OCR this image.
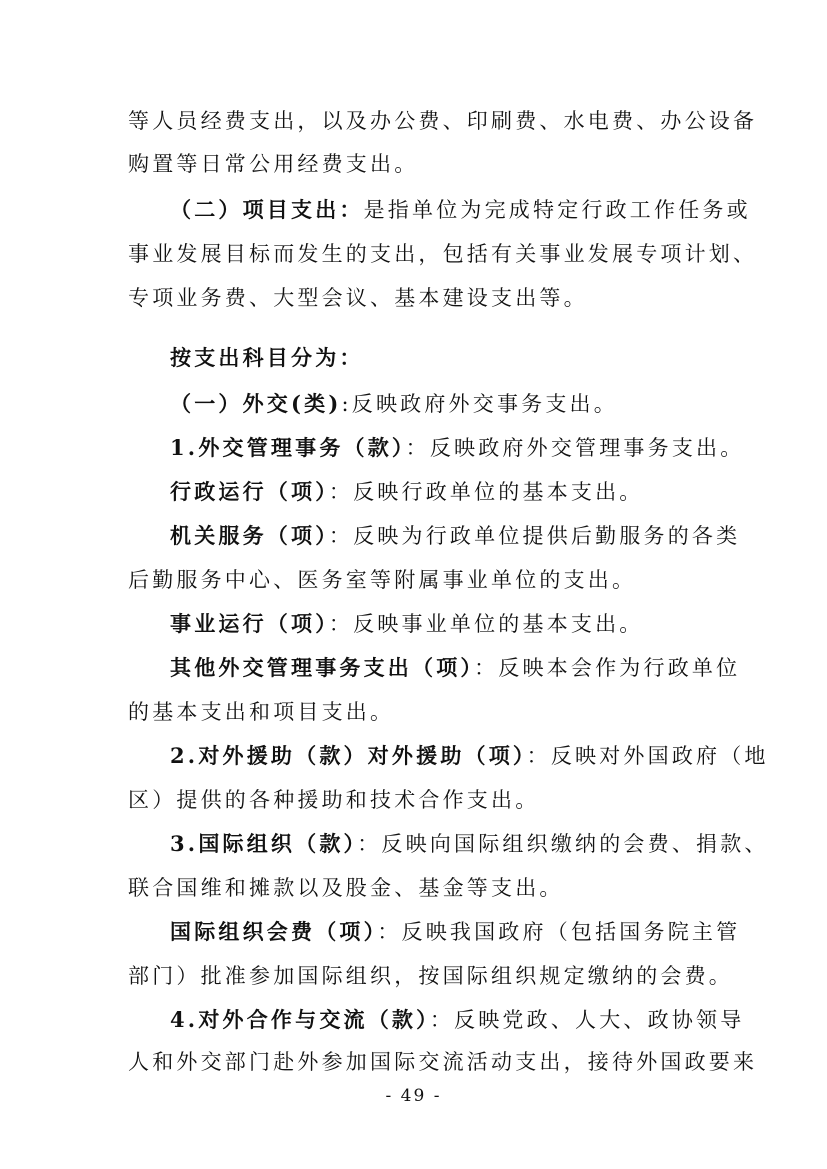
等人员经费支出，以及办公费、印刷费、水电费、办公设备
购置等日常公用经费支出。
（二）项目支出：是指单位为完成特定行政工作任务或
事业发展目标而发生的支出，包括有关事业发展专项计划、
专项业务费、大型会议、基本建设支出等。
按支出科目分为：
（一）外交(类):反映政府外交事务支出。
1.外交管理事务（款）：反映政府外交管理事务支出。
行政运行（项）：反映行政单位的基本支出。
机关服务（项）：反映为行政单位提供后勤服务的各类
后勤服务中心、医务室等附属事业单位的支出。
事业运行（项）：反映事业单位的基本支出。
其他外交管理事务支出（项）：反映本会作为行政单位
的基本支出和项目支出。
2.对外援助（款）对外援助（项）：反映对外国政府（地
区）提供的各种援助和技术合作支出。
3.国际组织（款）：反映向国际组织缴纳的会费、捐款、
联合国维和摊款以及股金、基金等支出。
国际组织会费（项）：反映我国政府（包括国务院主管
部门）批准参加国际组织，按国际组织规定缴纳的会费。
4.对外合作与交流（款）：反映党政、人大、政协领导
人和外交部门赴外参加国际交流活动支出，接待外国政要来
- 49 -
